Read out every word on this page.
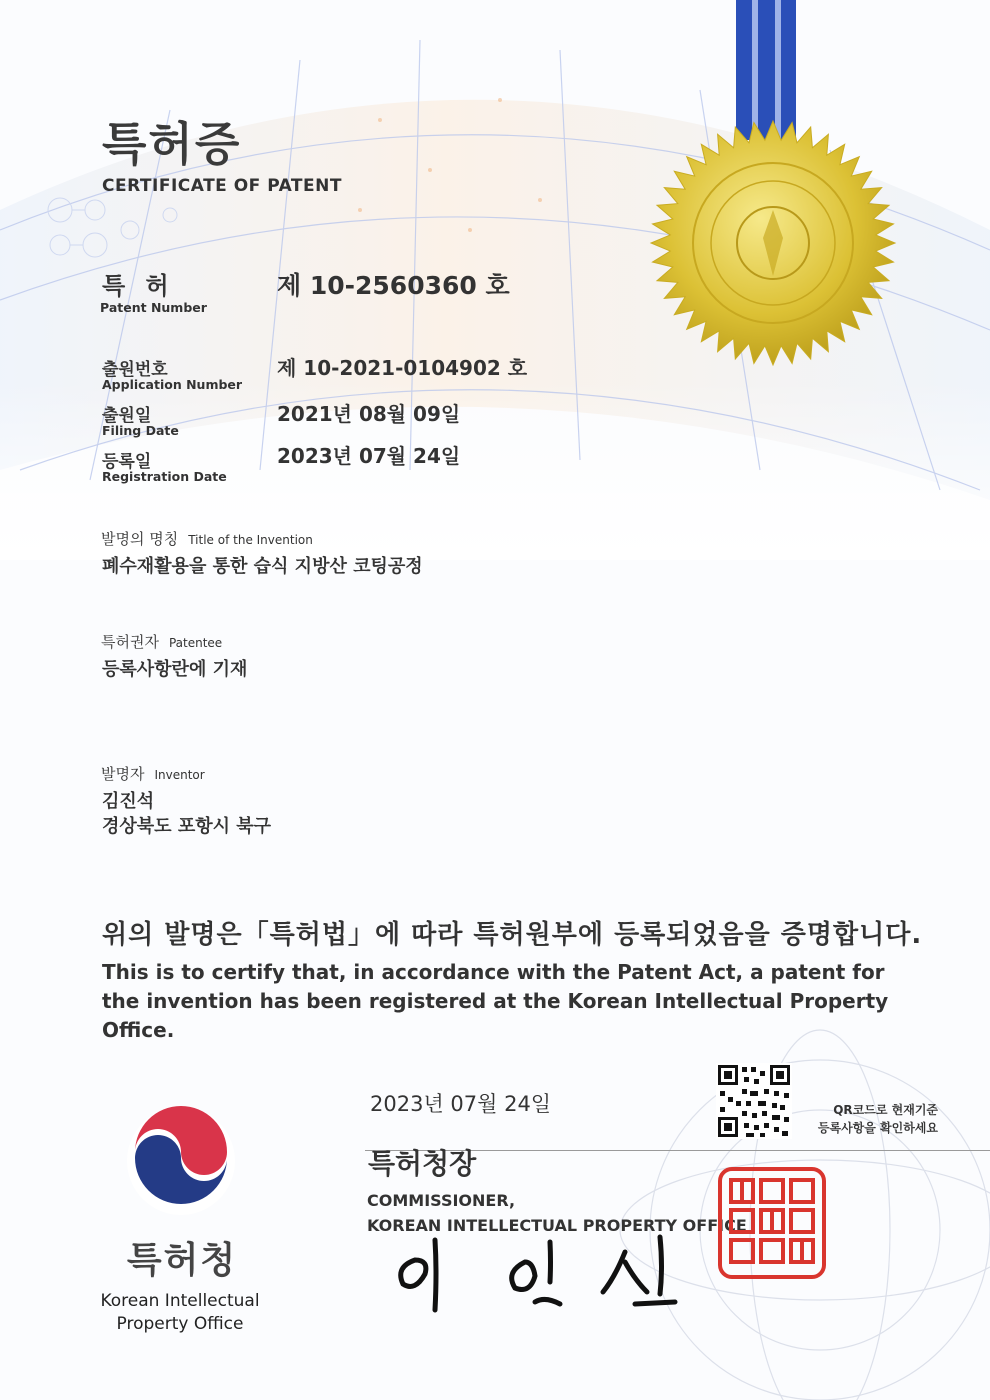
특허증
CERTIFICATE OF PATENT
특 허
Patent Number
제 10-2560360 호
출원번호
Application Number
제 10-2021-0104902 호
출원일
Filing Date
2021년 08월 09일
등록일
Registration Date
2023년 07월 24일
발명의 명칭 Title of the Invention
폐수재활용을 통한 습식 지방산 코팅공정
특허권자 Patentee
등록사항란에 기재
발명자 Inventor
김진석
경상북도 포항시 북구
위의 발명은「특허법」에 따라 특허원부에 등록되었음을 증명합니다.
This is to certify that, in accordance with the Patent Act, a patent for the invention has been registered at the Korean Intellectual Property Office.
2023년 07월 24일
특허청장
COMMISSIONER,
KOREAN INTELLECTUAL PROPERTY OFFICE
QR코드로 현재기준
등록사항을 확인하세요
특허청
Korean Intellectual
Property Office
